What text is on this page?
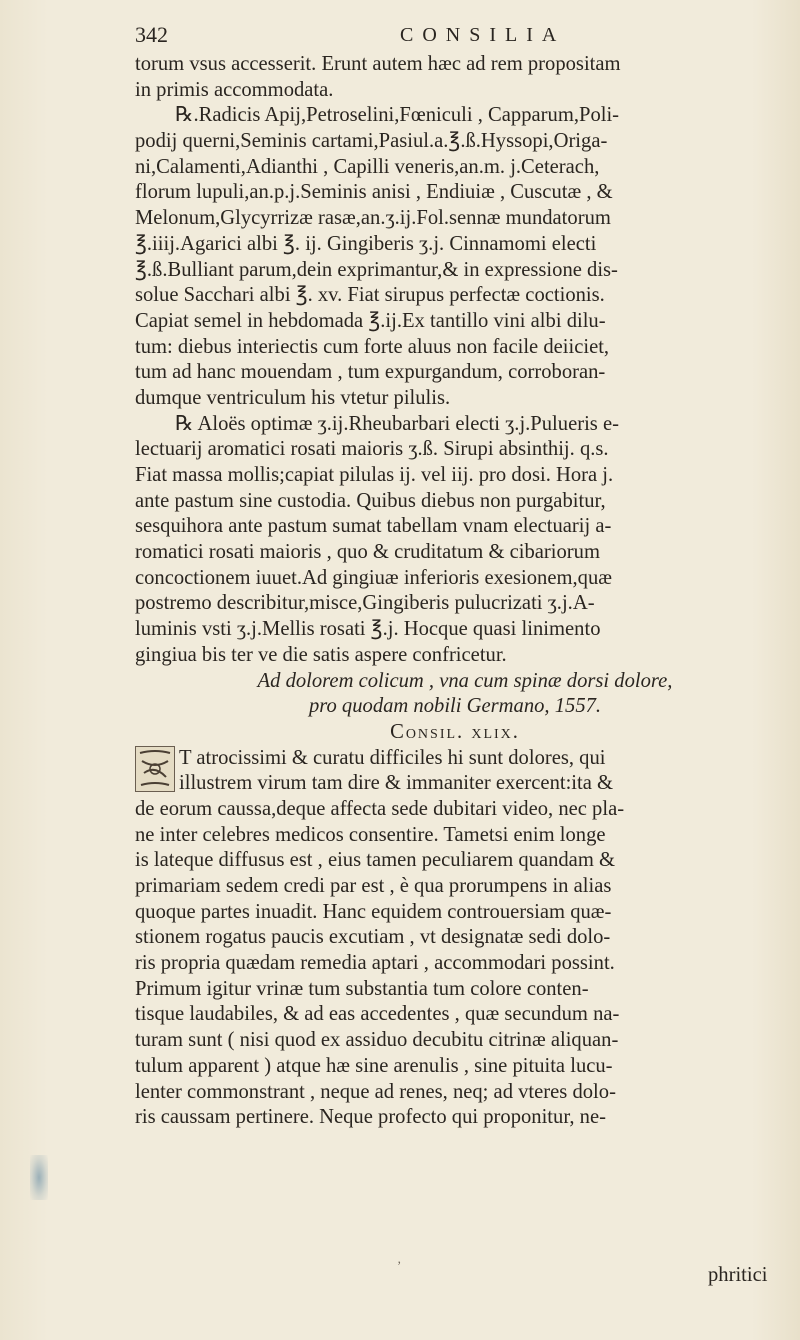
342	CONSILIA
torum vsus accesserit. Erunt autem hæc ad rem propositam
in primis accommodata.
℞.Radicis Apij,Petroselini,Fœniculi , Capparum,Poli-
podij querni,Seminis cartami,Pasiul.a.℥.ß.Hyssopi,Origa-
ni,Calamenti,Adianthi , Capilli veneris,an.m. j.Ceterach,
florum lupuli,an.p.j.Seminis anisi , Endiuiæ , Cuscutæ , &
Melonum,Glycyrrizæ rasæ,an.ʒ.ij.Fol.sennæ mundatorum
℥.iiij.Agarici albi ℥. ij. Gingiberis ʒ.j. Cinnamomi electi
℥.ß.Bulliant parum,dein exprimantur,& in expressione dis-
solue Sacchari albi ℥. xv. Fiat sirupus perfectæ coctionis.
Capiat semel in hebdomada ℥.ij.Ex tantillo vini albi dilu-
tum: diebus interiectis cum forte aluus non facile deiiciet,
tum ad hanc mouendam , tum expurgandum, corroboran-
dumque ventriculum his vtetur pilulis.
℞ Aloës optimæ ʒ.ij.Rheubarbari electi ʒ.j.Pulueris e-
lectuarij aromatici rosati maioris ʒ.ß. Sirupi absinthij. q.s.
Fiat massa mollis;capiat pilulas ij. vel iij. pro dosi. Hora j.
ante pastum sine custodia. Quibus diebus non purgabitur,
sesquihora ante pastum sumat tabellam vnam electuarij a-
romatici rosati maioris , quo & cruditatum & cibariorum
concoctionem iuuet.Ad gingiuæ inferioris exesionem,quæ
postremo describitur,misce,Gingiberis pulucrizati ʒ.j.A-
luminis vsti ʒ.j.Mellis rosati ℥.j. Hocque quasi linimento
gingiua bis ter ve die satis aspere confricetur.
Ad dolorem colicum , vna cum spinæ dorsi dolore,
pro quodam nobili Germano, 1557.
Consil. xlix.
T atrocissimi & curatu difficiles hi sunt dolores, qui
illustrem virum tam dire & immaniter exercent:ita &
de eorum caussa,deque affecta sede dubitari video, nec pla-
ne inter celebres medicos consentire. Tametsi enim longe
is lateque diffusus est , eius tamen peculiarem quandam &
primariam sedem credi par est , è qua prorumpens in alias
quoque partes inuadit. Hanc equidem controuersiam quæ-
stionem rogatus paucis excutiam , vt designatæ sedi dolo-
ris propria quædam remedia aptari , accommodari possint.
Primum igitur vrinæ tum substantia tum colore conten-
tisque laudabiles, & ad eas accedentes , quæ secundum na-
turam sunt ( nisi quod ex assiduo decubitu citrinæ aliquan-
tulum apparent ) atque hæ sine arenulis , sine pituita lucu-
lenter commonstrant , neque ad renes, neq; ad vteres dolo-
ris caussam pertinere. Neque profecto qui proponitur, ne-
ʼ	phritici
